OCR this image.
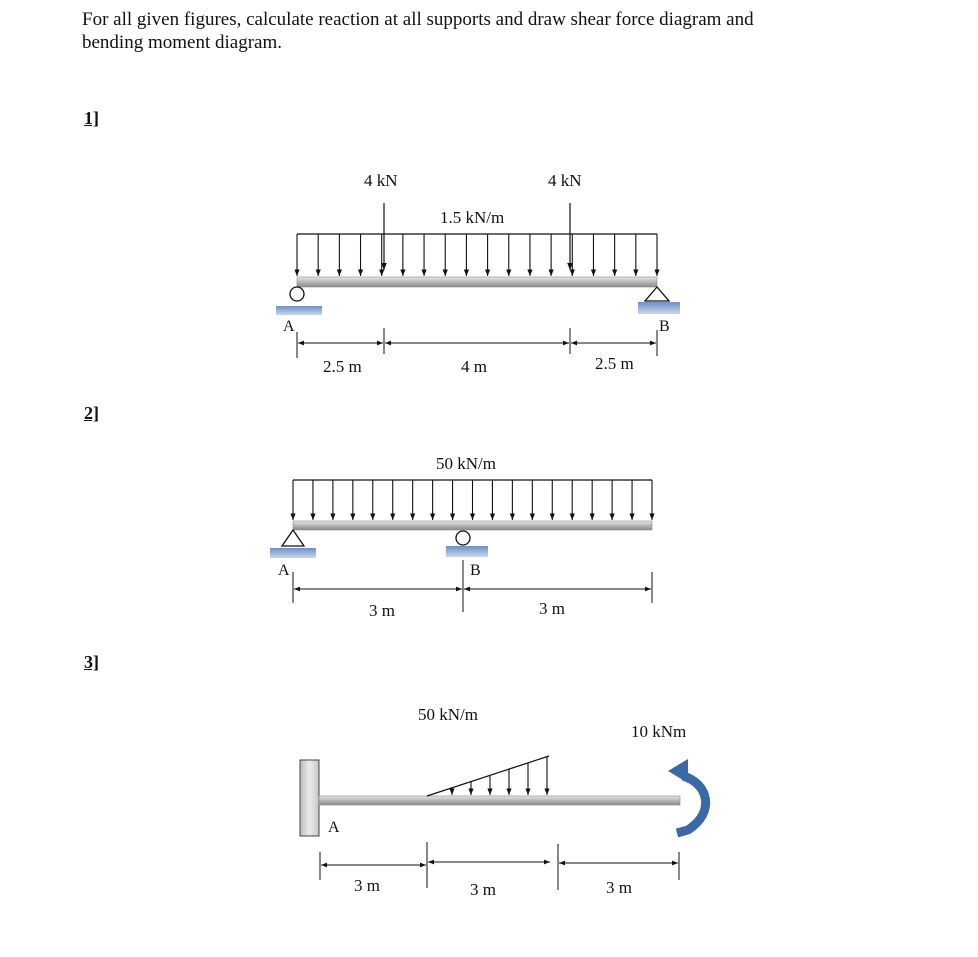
For all given figures, calculate reaction at all supports and draw shear force diagram and
bending moment diagram.

1]
2]
3]
4 kN	4 kN
1.5 kN/m
A	B
2.5 m	4 m	2.5 m
50 kN/m
A	B
3 m	3 m
A
50 kN/m
10 kNm
3 m	3 m	3 m
